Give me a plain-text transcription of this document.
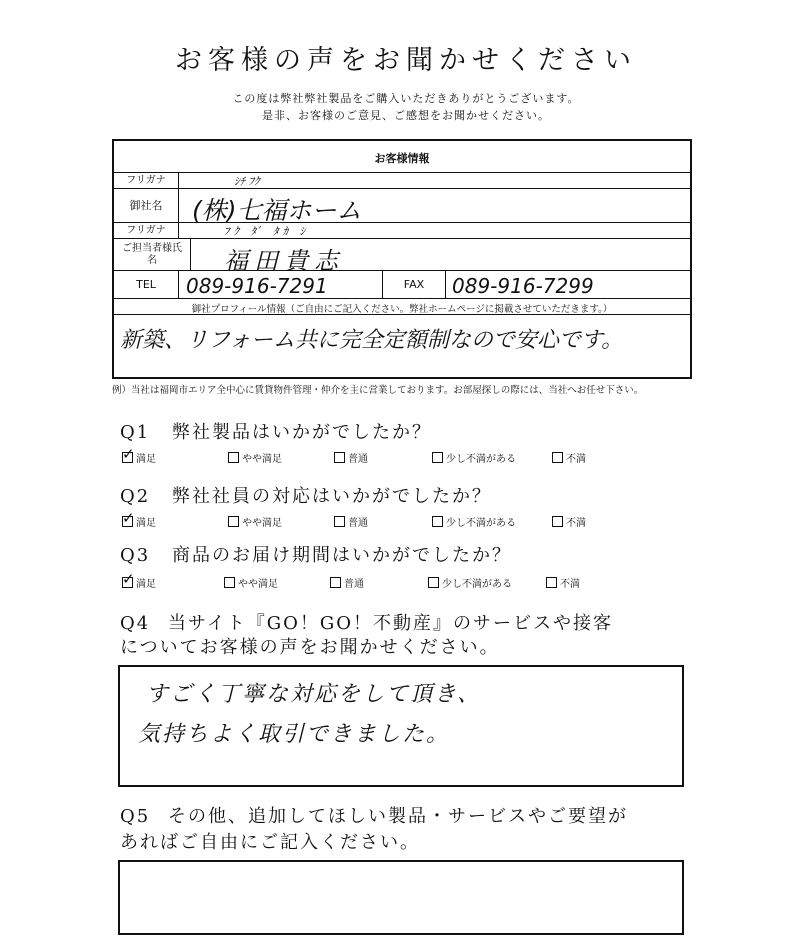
お客様の声をお聞かせください
この度は弊社弊社製品をご購入いただきありがとうございます。
是非、お客様のご意見、ご感想をお聞かせください。
お客様情報
フリガナ	ｼﾁ ﾌｸ
御社名	(株)七福ホーム
フリガナ	ﾌｸ ﾀﾞ ﾀｶ ｼ
ご担当者様氏名	福田貴志
TEL	089-916-7291	FAX	089-916-7299
御社プロフィール情報（ご自由にご記入ください。弊社ホームページに掲載させていただきます。）
新築、リフォーム共に完全定額制なので安心です。
例）当社は福岡市エリア全中心に賃貸物件管理・仲介を主に営業しております。お部屋探しの際には、当社へお任せ下さい。
Q1 弊社製品はいかがでしたか？
✓ 満足	やや満足	普通	少し不満がある	不満
Q2 弊社社員の対応はいかがでしたか？
✓ 満足	やや満足	普通	少し不満がある	不満
Q3 商品のお届け期間はいかがでしたか？
✓ 満足	やや満足	普通	少し不満がある	不満
Q4 当サイト『GO！GO！不動産』のサービスや接客
についてお客様の声をお聞かせください。
すごく丁寧な対応をして頂き、
気持ちよく取引できました。
Q5 その他、追加してほしい製品・サービスやご要望が
あればご自由にご記入ください。
